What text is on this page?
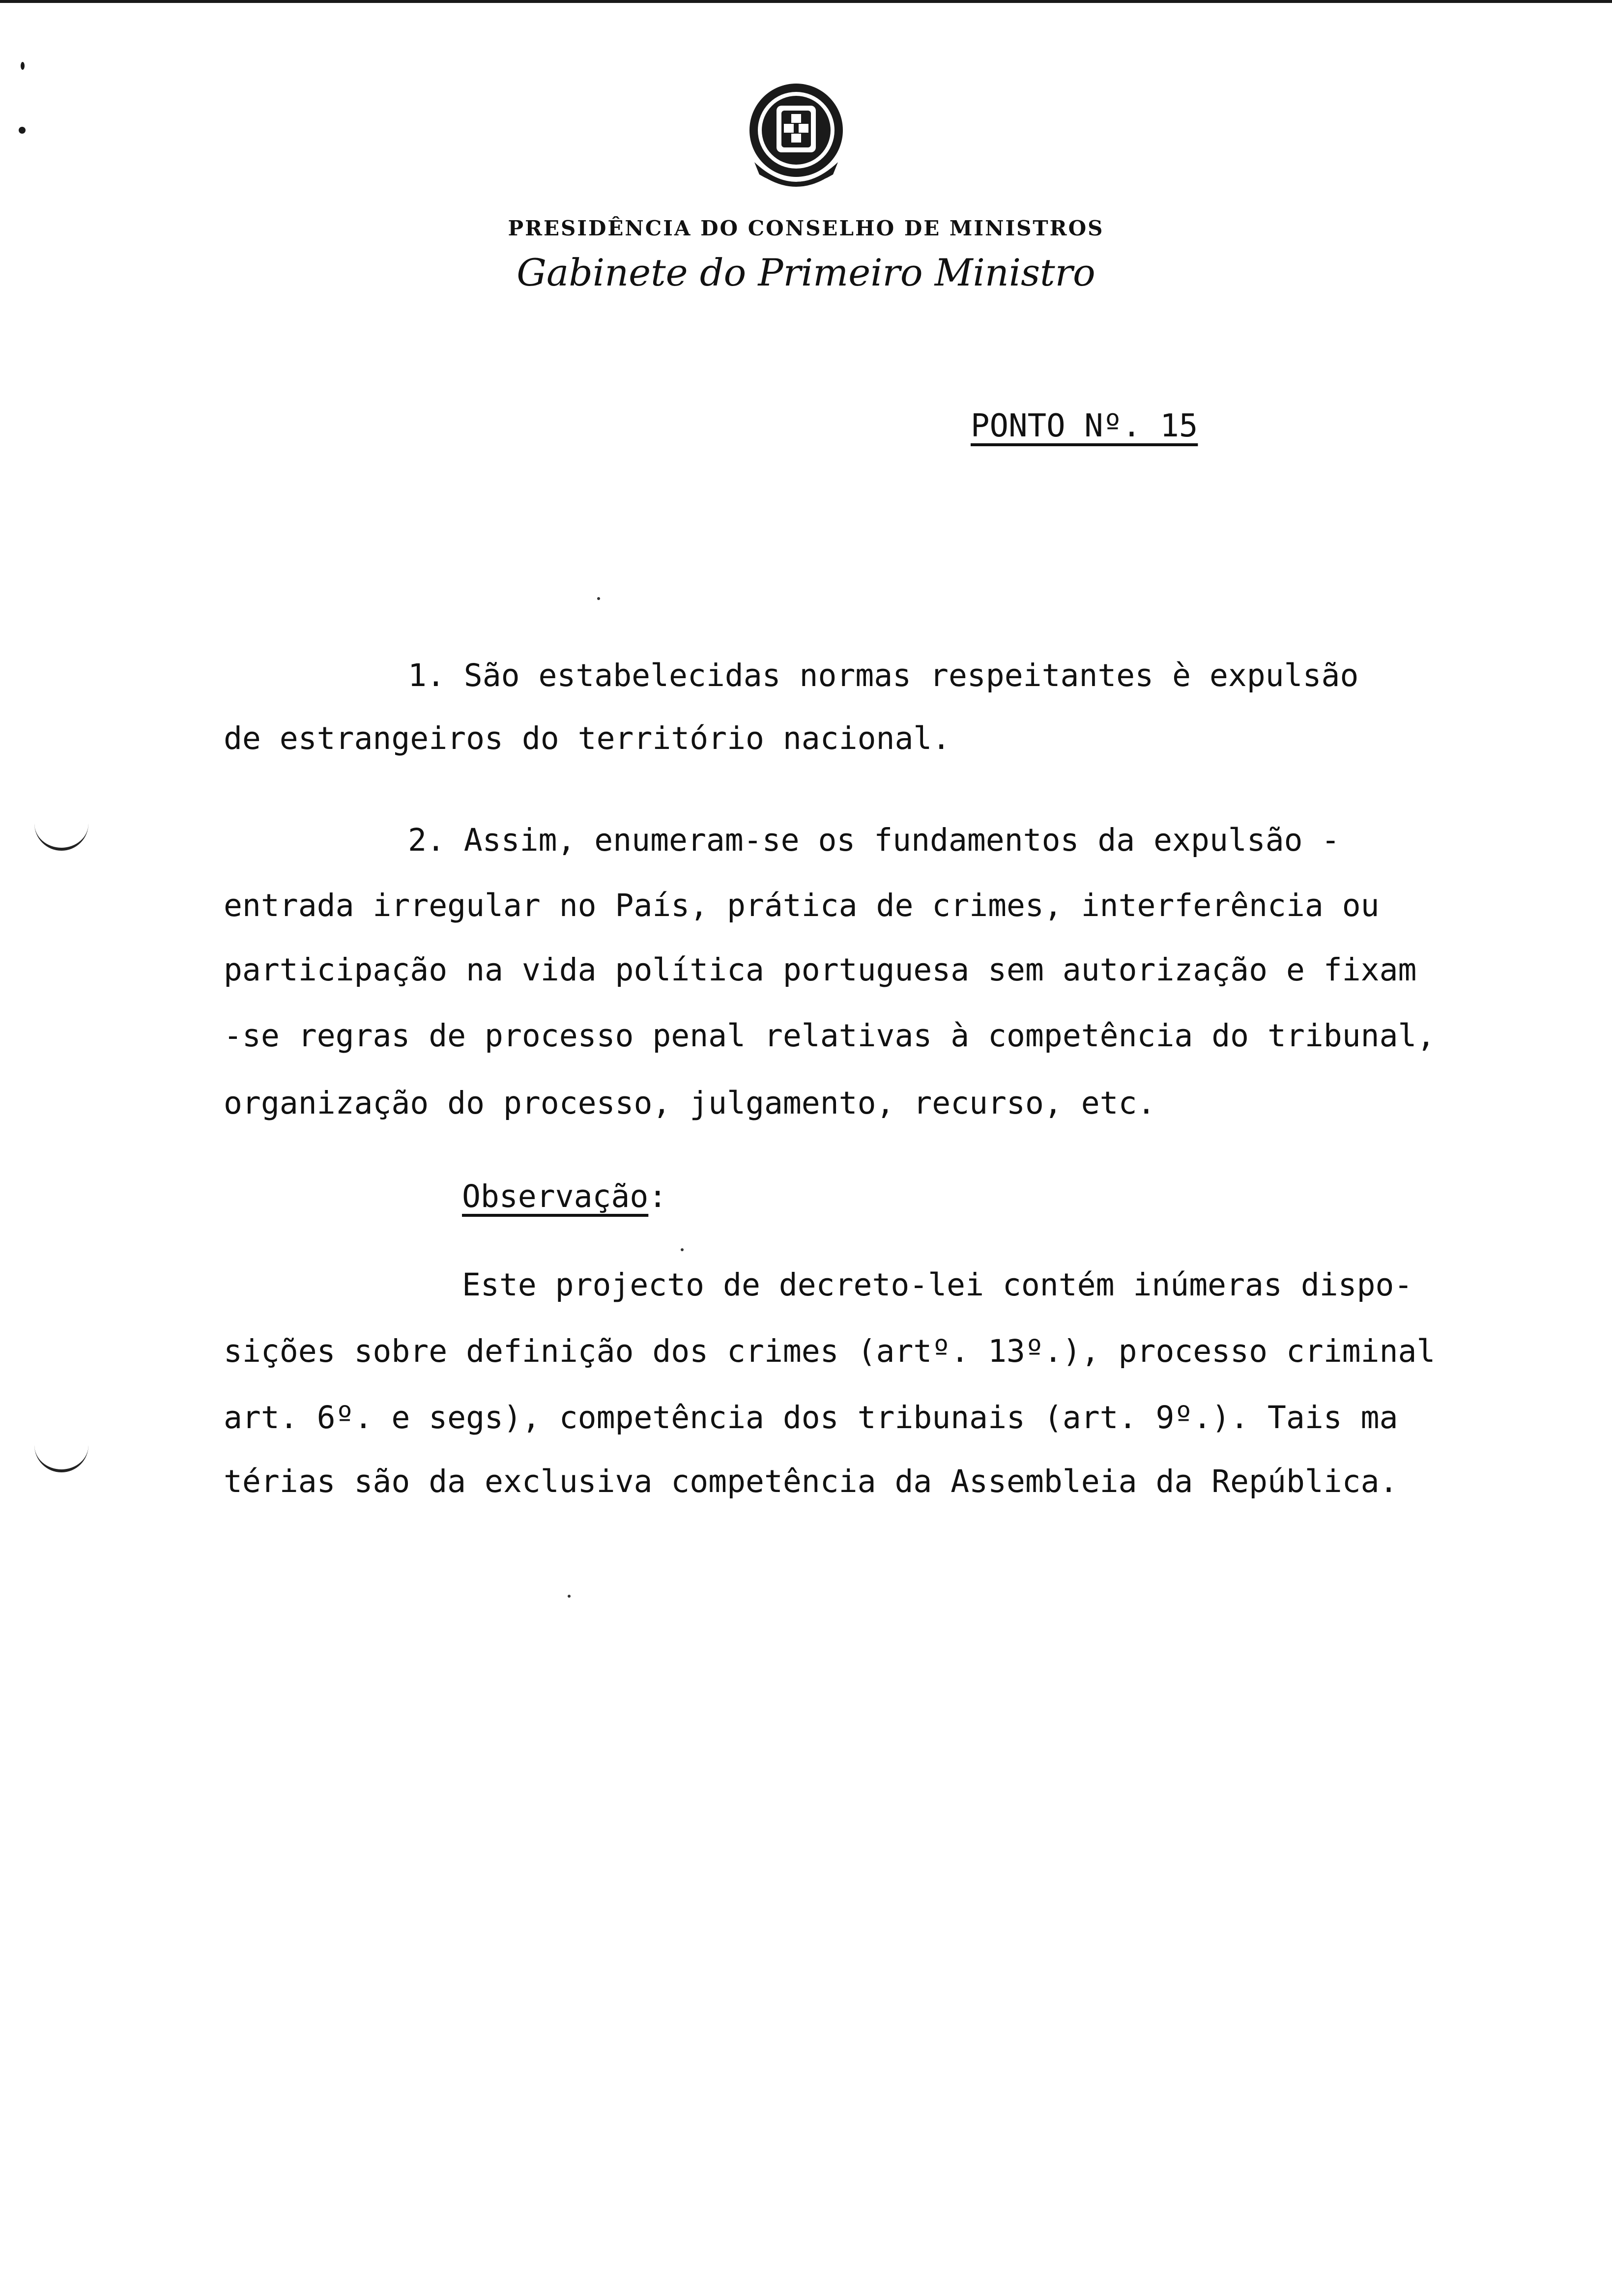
PRESIDÊNCIA DO CONSELHO DE MINISTROS
Gabinete do Primeiro Ministro
PONTO Nº. 15
1. São estabelecidas normas respeitantes è expulsão
de estrangeiros do território nacional.
2. Assim, enumeram-se os fundamentos da expulsão -
entrada irregular no País, prática de crimes, interferência ou
participação na vida política portuguesa sem autorização e fixam
-se regras de processo penal relativas à competência do tribunal,
organização do processo, julgamento, recurso, etc.
Observação:
Este projecto de decreto-lei contém inúmeras dispo-
sições sobre definição dos crimes (artº. 13º.), processo criminal
art. 6º. e segs), competência dos tribunais (art. 9º.). Tais ma
térias são da exclusiva competência da Assembleia da República.
